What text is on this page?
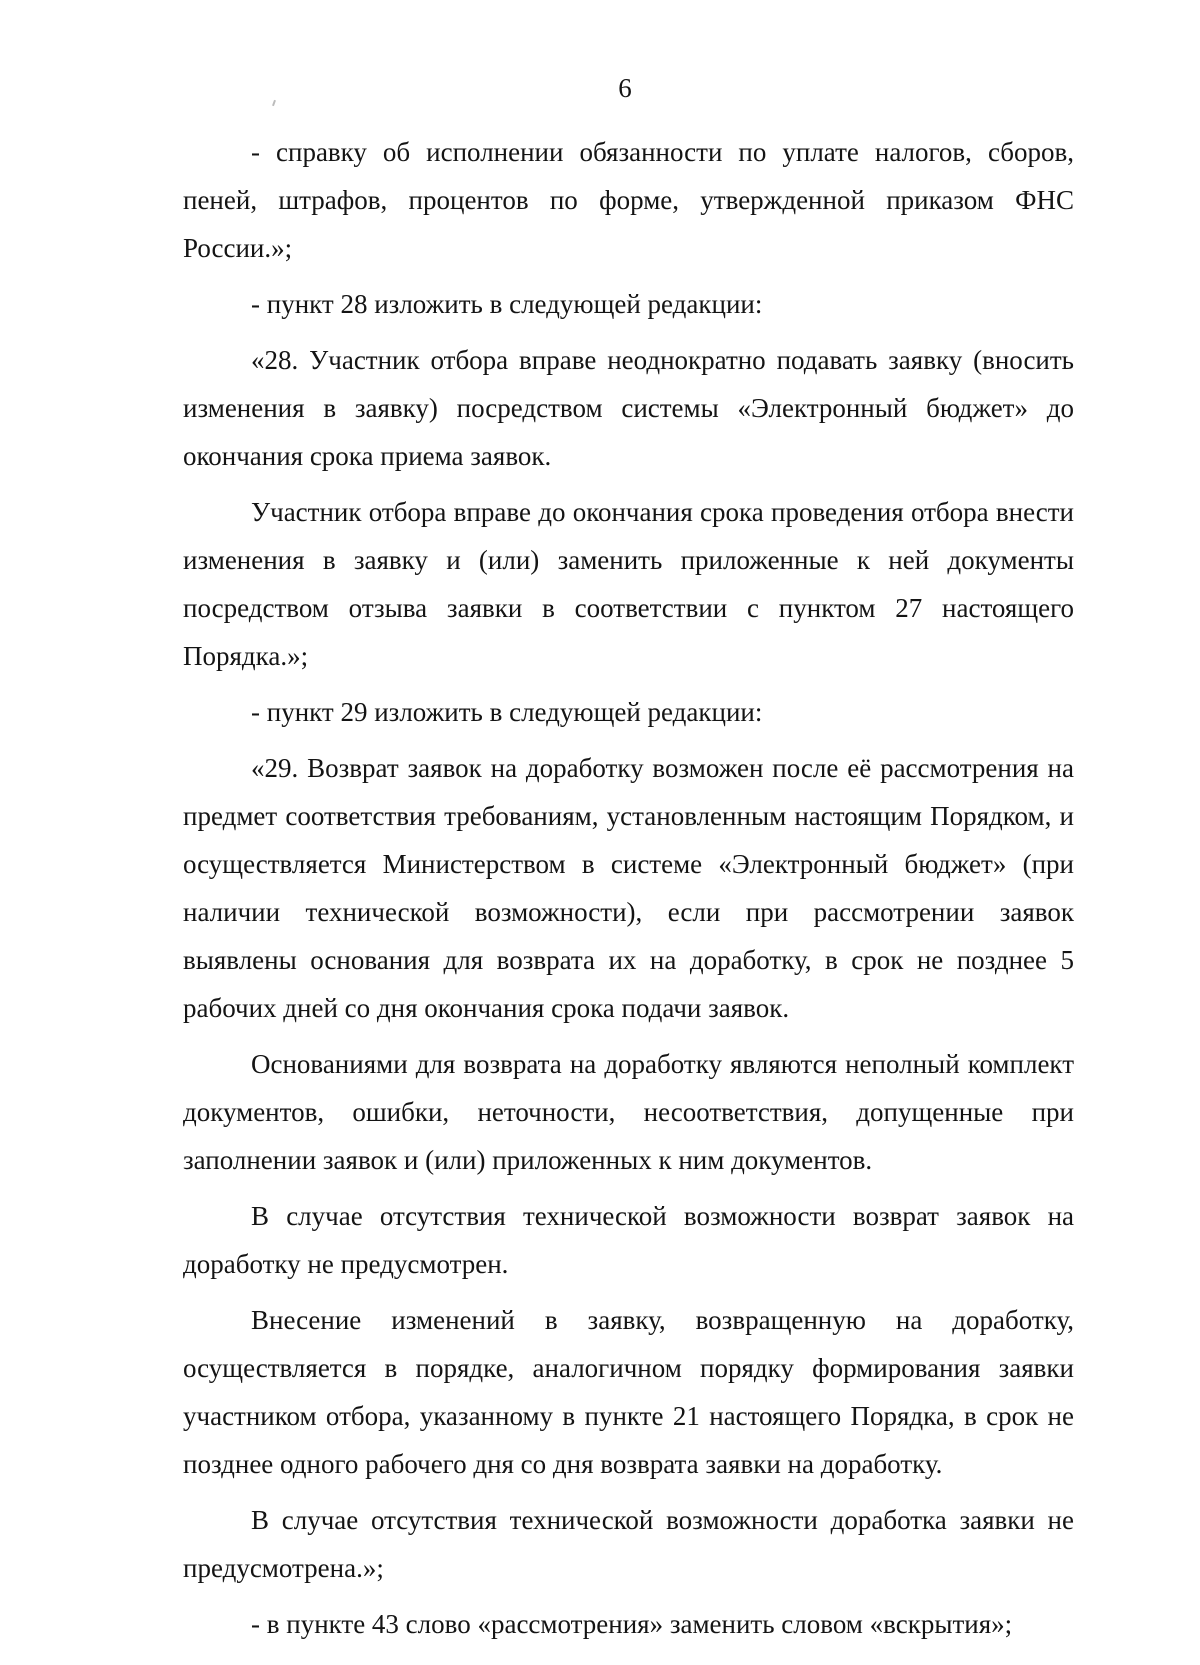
6

- справку об исполнении обязанности по уплате налогов, сборов, пеней, штрафов, процентов по форме, утвержденной приказом ФНС России.»;

- пункт 28 изложить в следующей редакции:

«28. Участник отбора вправе неоднократно подавать заявку (вносить изменения в заявку) посредством системы «Электронный бюджет» до окончания срока приема заявок.

Участник отбора вправе до окончания срока проведения отбора внести изменения в заявку и (или) заменить приложенные к ней документы посредством отзыва заявки в соответствии с пунктом 27 настоящего Порядка.»;

- пункт 29 изложить в следующей редакции:

«29. Возврат заявок на доработку возможен после её рассмотрения на предмет соответствия требованиям, установленным настоящим Порядком, и осуществляется Министерством в системе «Электронный бюджет» (при наличии технической возможности), если при рассмотрении заявок выявлены основания для возврата их на доработку, в срок не позднее 5 рабочих дней со дня окончания срока подачи заявок.

Основаниями для возврата на доработку являются неполный комплект документов, ошибки, неточности, несоответствия, допущенные при заполнении заявок и (или) приложенных к ним документов.

В случае отсутствия технической возможности возврат заявок на доработку не предусмотрен.

Внесение изменений в заявку, возвращенную на доработку, осуществляется в порядке, аналогичном порядку формирования заявки участником отбора, указанному в пункте 21 настоящего Порядка, в срок не позднее одного рабочего дня со дня возврата заявки на доработку.

В случае отсутствия технической возможности доработка заявки не предусмотрена.»;

- в пункте 43 слово «рассмотрения» заменить словом «вскрытия»;
